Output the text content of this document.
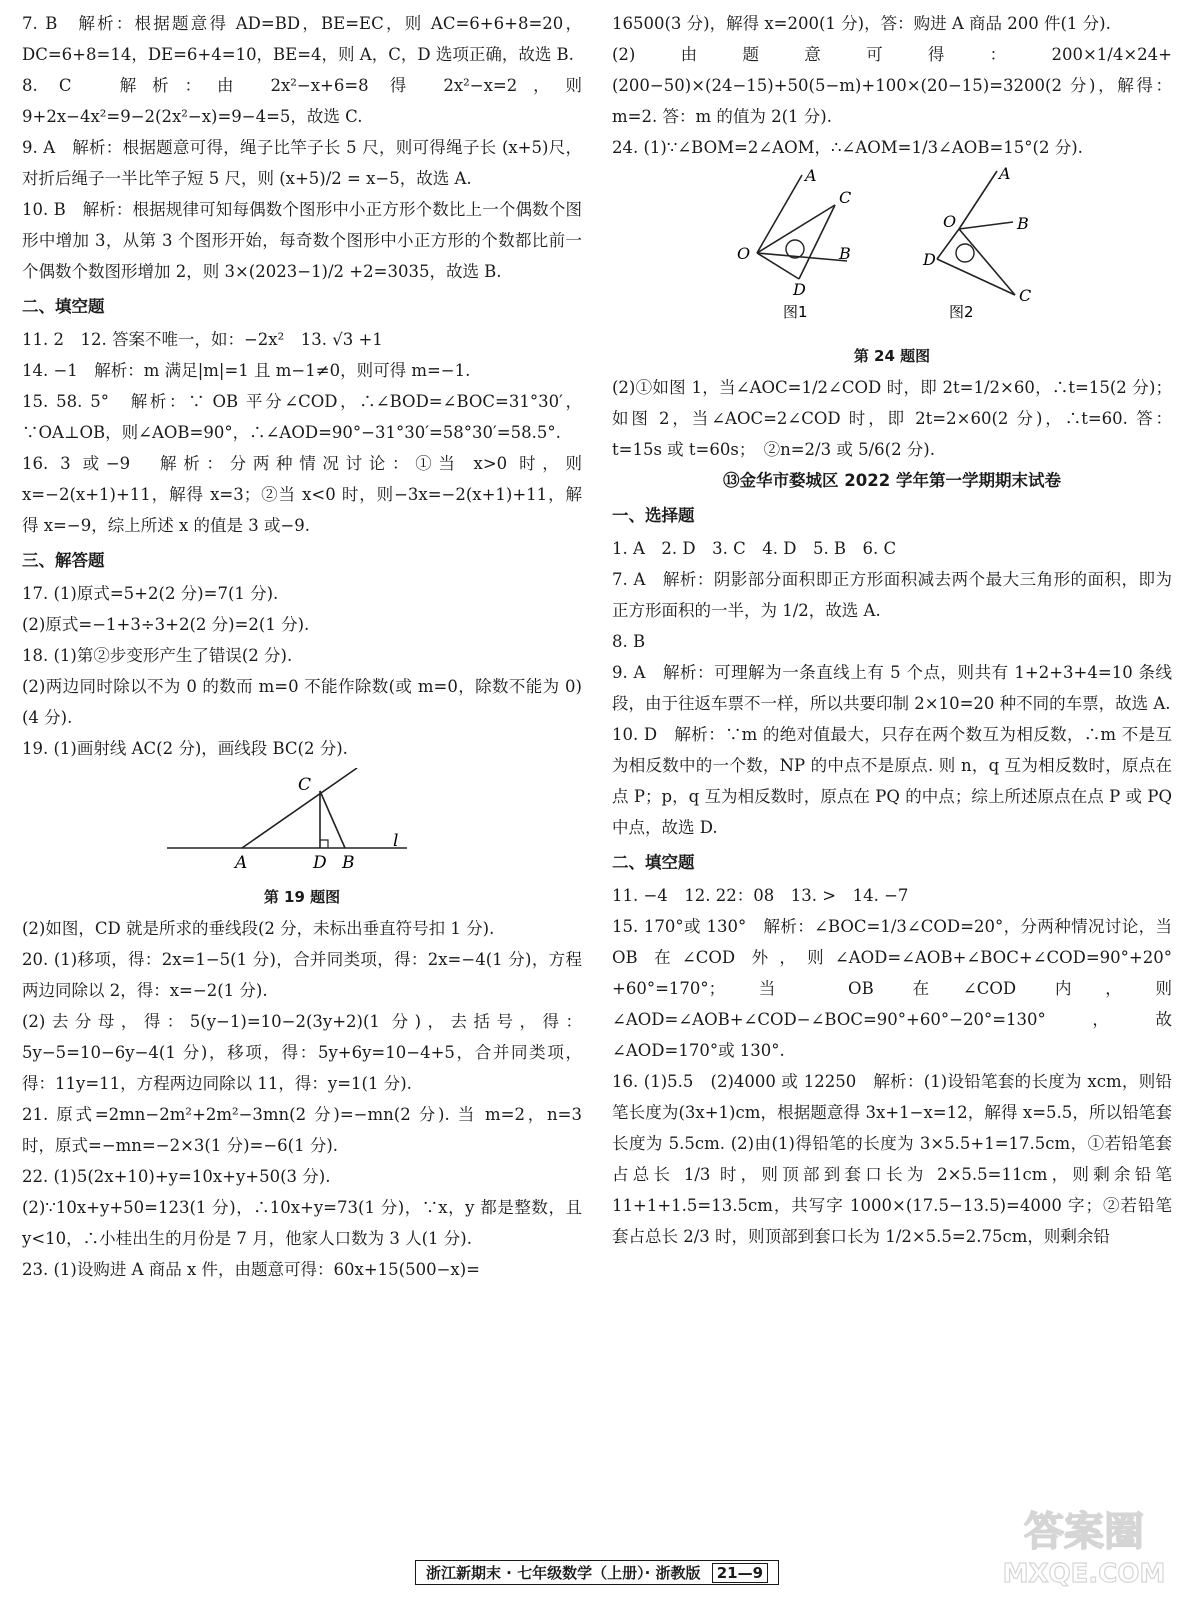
7. B　解析：根据题意得 AD=BD，BE=EC，则 AC=6+6+8=20，DC=6+8=14，DE=6+4=10，BE=4，则 A，C，D 选项正确，故选 B.
8. C　解析：由 2x²−x+6=8 得 2x²−x=2，则 9+2x−4x²=9−2(2x²−x)=9−4=5，故选 C.
9. A　解析：根据题意可得，绳子比竿子长 5 尺，则可得绳子长 (x+5)尺，对折后绳子一半比竿子短 5 尺，则 (x+5)/2 = x−5，故选 A.
10. B　解析：根据规律可知每偶数个图形中小正方形个数比上一个偶数个图形中增加 3，从第 3 个图形开始，每奇数个图形中小正方形的个数都比前一个偶数个数图形增加 2，则 3×(2023−1)/2 +2=3035，故选 B.
二、填空题
11. 2　12. 答案不唯一，如：−2x²　13. √3 +1
14. −1　解析：m 满足|m|=1 且 m−1≠0，则可得 m=−1.
15. 58. 5°　解析：∵ OB 平分∠COD，∴∠BOD=∠BOC=31°30′，∵OA⊥OB，则∠AOB=90°，∴∠AOD=90°−31°30′=58°30′=58.5°.
16. 3 或−9　解析：分两种情况讨论：①当 x>0 时，则 x=−2(x+1)+11，解得 x=3；②当 x<0 时，则−3x=−2(x+1)+11，解得 x=−9，综上所述 x 的值是 3 或−9.
三、解答题
17. (1)原式=5+2(2 分)=7(1 分).
(2)原式=−1+3÷3+2(2 分)=2(1 分).
18. (1)第②步变形产生了错误(2 分).
(2)两边同时除以不为 0 的数而 m=0 不能作除数(或 m=0，除数不能为 0)(4 分).
19. (1)画射线 AC(2 分)，画线段 BC(2 分).
C
A	D B
l
第 19 题图
(2)如图，CD 就是所求的垂线段(2 分，未标出垂直符号扣 1 分).
20. (1)移项，得：2x=1−5(1 分)，合并同类项，得：2x=−4(1 分)，方程两边同除以 2，得：x=−2(1 分).
(2)去分母，得：5(y−1)=10−2(3y+2)(1 分)，去括号，得：5y−5=10−6y−4(1 分)，移项，得：5y+6y=10−4+5，合并同类项，得：11y=11，方程两边同除以 11，得：y=1(1 分).
21. 原式=2mn−2m²+2m²−3mn(2 分)=−mn(2 分). 当 m=2，n=3 时，原式=−mn=−2×3(1 分)=−6(1 分).
22. (1)5(2x+10)+y=10x+y+50(3 分).
(2)∵10x+y+50=123(1 分)，∴10x+y=73(1 分)，∵x，y 都是整数，且 y<10，∴小桂出生的月份是 7 月，他家人口数为 3 人(1 分).
23. (1)设购进 A 商品 x 件，由题意可得：60x+15(500−x)=
16500(3 分)，解得 x=200(1 分)，答：购进 A 商品 200 件(1 分).
(2)由题意可得：200×1/4×24+(200−50)×(24−15)+50(5−m)+100×(20−15)=3200(2 分)，解得：m=2. 答：m 的值为 2(1 分).
24. (1)∵∠BOM=2∠AOM，∴∠AOM=1/3∠AOB=15°(2 分).
A
C
O	B
D
A
O	B
D
C
图1	图2
第 24 题图
(2)①如图 1，当∠AOC=1/2∠COD 时，即 2t=1/2×60，∴t=15(2 分)；如图 2，当∠AOC=2∠COD 时，即 2t=2×60(2 分)，∴t=60. 答：t=15s 或 t=60s；　②n=2/3 或 5/6(2 分).
⑬金华市婺城区 2022 学年第一学期期末试卷
一、选择题
1. A　2. D　3. C　4. D　5. B　6. C
7. A　解析：阴影部分面积即正方形面积减去两个最大三角形的面积，即为正方形面积的一半，为 1/2，故选 A.
8. B
9. A　解析：可理解为一条直线上有 5 个点，则共有 1+2+3+4=10 条线段，由于往返车票不一样，所以共要印制 2×10=20 种不同的车票，故选 A.
10. D　解析：∵m 的绝对值最大，只存在两个数互为相反数，∴m 不是互为相反数中的一个数，NP 的中点不是原点. 则 n，q 互为相反数时，原点在点 P；p，q 互为相反数时，原点在 PQ 的中点；综上所述原点在点 P 或 PQ 中点，故选 D.
二、填空题
11. −4　12. 22：08　13. >　14. −7
15. 170°或 130°　解析：∠BOC=1/3∠COD=20°，分两种情况讨论，当 OB 在∠COD 外，则∠AOD=∠AOB+∠BOC+∠COD=90°+20°+60°=170°；当 OB 在∠COD 内，则∠AOD=∠AOB+∠COD−∠BOC=90°+60°−20°=130°，故∠AOD=170°或 130°.
16. (1)5.5　(2)4000 或 12250　解析：(1)设铅笔套的长度为 xcm，则铅笔长度为(3x+1)cm，根据题意得 3x+1−x=12，解得 x=5.5，所以铅笔套长度为 5.5cm. (2)由(1)得铅笔的长度为 3×5.5+1=17.5cm，①若铅笔套占总长 1/3 时，则顶部到套口长为 2×5.5=11cm，则剩余铅笔 11+1+1.5=13.5cm，共写字 1000×(17.5−13.5)=4000 字；②若铅笔套占总长 2/3 时，则顶部到套口长为 1/2×5.5=2.75cm，则剩余铅
浙江新期末 · 七年级数学（上册）· 浙教版 21—9
答案圈
MXQE.COM
